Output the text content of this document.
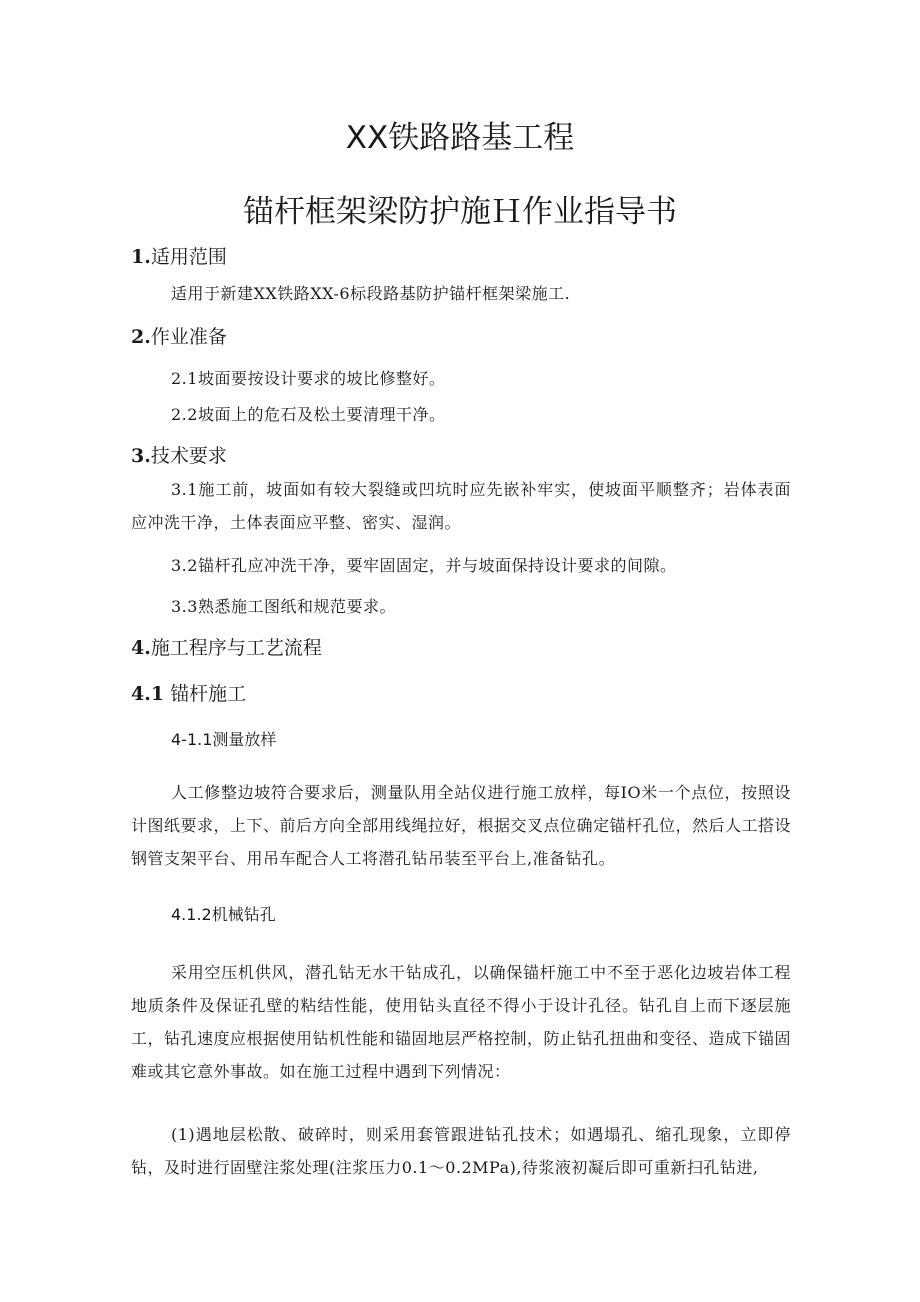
XX铁路路基工程
锚杆框架梁防护施Ｈ作业指导书
1.适用范围
适用于新建XX铁路XX-6标段路基防护锚杆框架梁施工.
2.作业准备
2.1坡面要按设计要求的坡比修整好。
2.2坡面上的危石及松土要清理干净。
3.技术要求
3.1施工前，坡面如有较大裂缝或凹坑时应先嵌补牢实，使坡面平顺整齐；岩体表面应冲洗干净，土体表面应平整、密实、湿润。
3.2锚杆孔应冲洗干净，要牢固固定，并与坡面保持设计要求的间隙。
3.3熟悉施工图纸和规范要求。
4.施工程序与工艺流程
4.1 锚杆施工
4-1.1测量放样
人工修整边坡符合要求后，测量队用全站仪进行施工放样，每IO米一个点位，按照设计图纸要求，上下、前后方向全部用线绳拉好，根据交叉点位确定锚杆孔位，然后人工搭设钢管支架平台、用吊车配合人工将潜孔钻吊装至平台上,准备钻孔。
4.1.2机械钻孔
采用空压机供风，潜孔钻无水干钻成孔，以确保锚杆施工中不至于恶化边坡岩体工程地质条件及保证孔壁的粘结性能，使用钻头直径不得小于设计孔径。钻孔自上而下逐层施工，钻孔速度应根据使用钻机性能和锚固地层严格控制，防止钻孔扭曲和变径、造成下锚固难或其它意外事故。如在施工过程中遇到下列情况：
(1)遇地层松散、破碎时，则采用套管跟进钻孔技术；如遇塌孔、缩孔现象，立即停钻，及时进行固壁注浆处理(注浆压力0.1～0.2MPa),待浆液初凝后即可重新扫孔钻进,
